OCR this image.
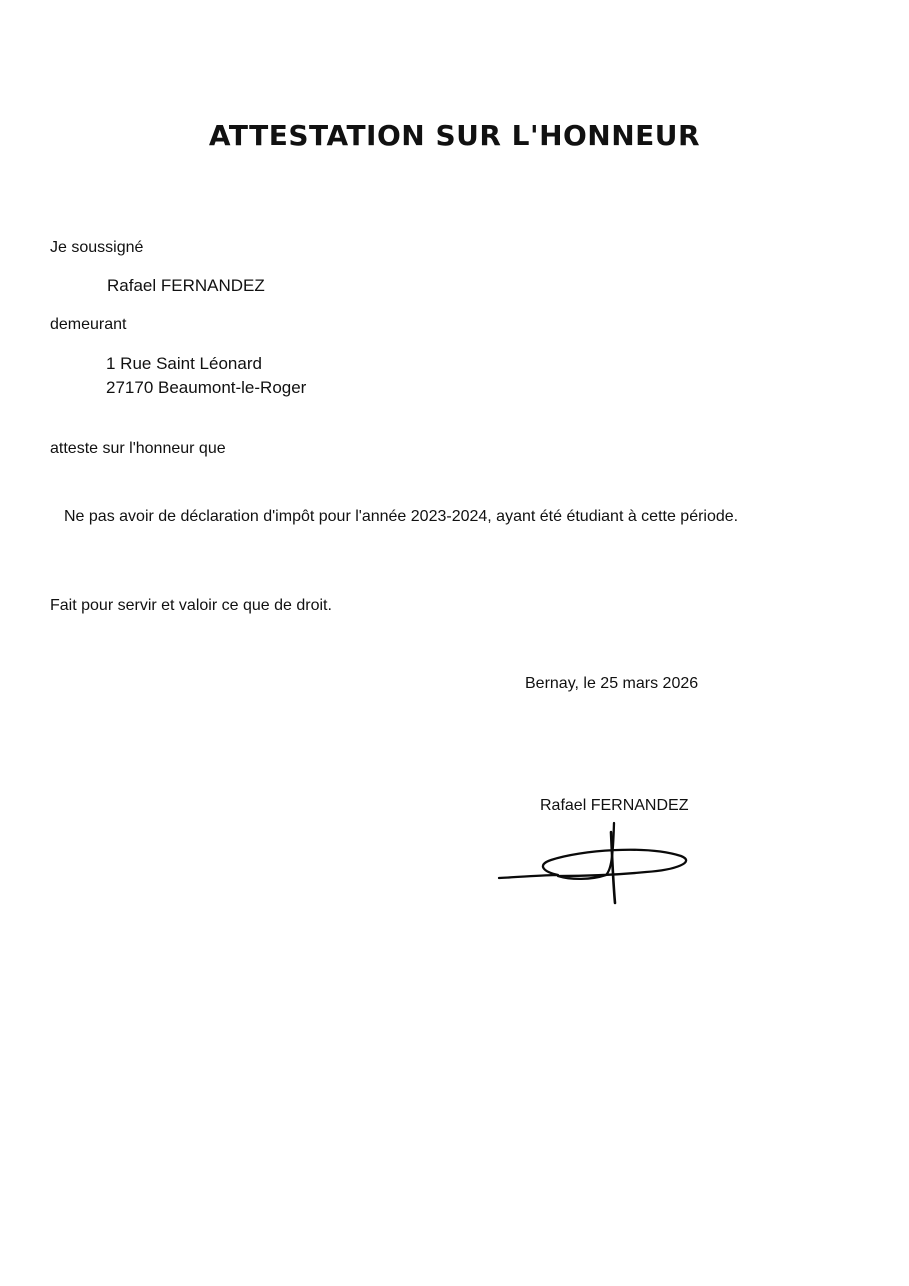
ATTESTATION SUR L'HONNEUR
Je soussigné
Rafael FERNANDEZ
demeurant
1 Rue Saint Léonard
27170 Beaumont-le-Roger
atteste sur l'honneur que
Ne pas avoir de déclaration d'impôt pour l'année 2023-2024, ayant été étudiant à cette période.
Fait pour servir et valoir ce que de droit.
Bernay, le 25 mars 2026
Rafael FERNANDEZ
